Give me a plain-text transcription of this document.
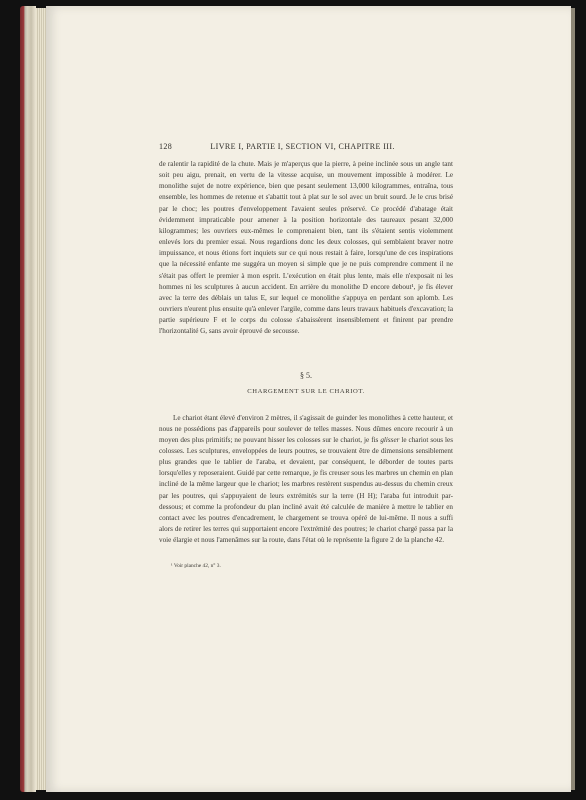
128	LIVRE I, PARTIE I, SECTION VI, CHAPITRE III.

de ralentir la rapidité de la chute. Mais je m'aperçus que la pierre, à peine inclinée sous un angle tant soit peu aigu, prenait, en vertu de la vitesse acquise, un mouvement impossible à modérer. Le monolithe sujet de notre expérience, bien que pesant seulement 13,000 kilogrammes, entraîna, tous ensemble, les hommes de retenue et s'abattit tout à plat sur le sol avec un bruit sourd. Je le crus brisé par le choc; les poutres d'enveloppement l'avaient seules préservé. Ce procédé d'abatage était évidemment impraticable pour amener à la position horizontale des taureaux pesant 32,000 kilogrammes; les ouvriers eux-mêmes le comprenaient bien, tant ils s'étaient sentis violemment enlevés lors du premier essai. Nous regardions donc les deux colosses, qui semblaient braver notre impuissance, et nous étions fort inquiets sur ce qui nous restait à faire, lorsqu'une de ces inspirations que la nécessité enfante me suggéra un moyen si simple que je ne puis comprendre comment il ne s'était pas offert le premier à mon esprit. L'exécution en était plus lente, mais elle n'exposait ni les hommes ni les sculptures à aucun accident. En arrière du monolithe D encore debout¹, je fis élever avec la terre des déblais un talus E, sur lequel ce monolithe s'appuya en perdant son aplomb. Les ouvriers n'eurent plus ensuite qu'à enlever l'argile, comme dans leurs travaux habituels d'excavation; la partie supérieure F et le corps du colosse s'abaissèrent insensiblement et finirent par prendre l'horizontalité G, sans avoir éprouvé de secousse.

§ 5.
CHARGEMENT SUR LE CHARIOT.

Le chariot étant élevé d'environ 2 mètres, il s'agissait de guinder les monolithes à cette hauteur, et nous ne possédions pas d'appareils pour soulever de telles masses. Nous dûmes encore recourir à un moyen des plus primitifs; ne pouvant hisser les colosses sur le chariot, je fis glisser le chariot sous les colosses. Les sculptures, enveloppées de leurs poutres, se trouvaient être de dimensions sensiblement plus grandes que le tablier de l'araba, et devaient, par conséquent, le déborder de toutes parts lorsqu'elles y reposeraient. Guidé par cette remarque, je fis creuser sous les marbres un chemin en plan incliné de la même largeur que le chariot; les marbres restèrent suspendus au-dessus du chemin creux par les poutres, qui s'appuyaient de leurs extrémités sur la terre (H H); l'araba fut introduit par-dessous; et comme la profondeur du plan incliné avait été calculée de manière à mettre le tablier en contact avec les poutres d'encadrement, le chargement se trouva opéré de lui-même. Il nous a suffi alors de retirer les terres qui supportaient encore l'extrémité des poutres; le chariot chargé passa par la voie élargie et nous l'amenâmes sur la route, dans l'état où le représente la figure 2 de la planche 42.

¹ Voir planche 42, n° 3.
